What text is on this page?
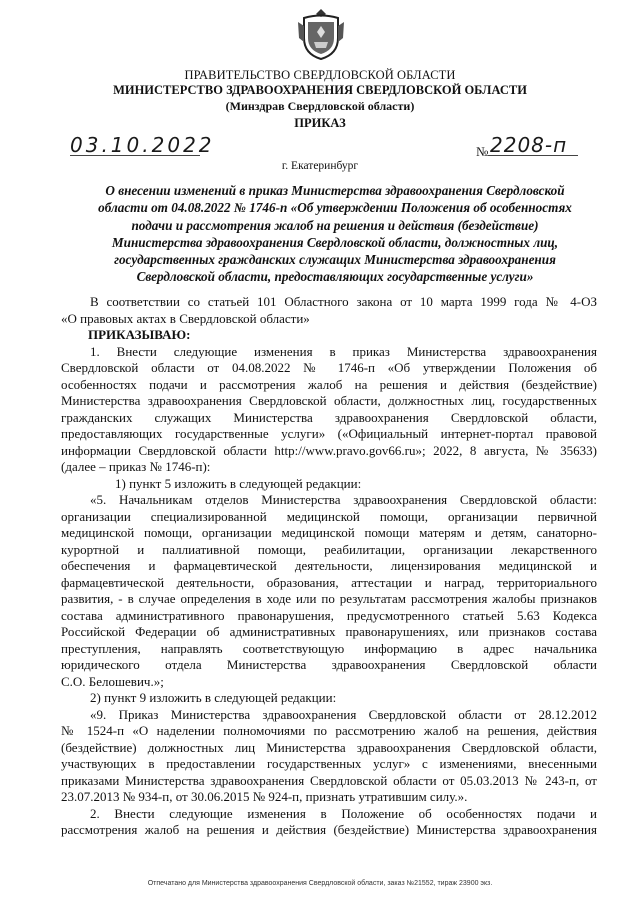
ПРАВИТЕЛЬСТВО СВЕРДЛОВСКОЙ ОБЛАСТИ
МИНИСТЕРСТВО ЗДРАВООХРАНЕНИЯ СВЕРДЛОВСКОЙ ОБЛАСТИ
(Минздрав Свердловской области)
ПРИКАЗ
03.10.2022	№ 2208-п
г. Екатеринбург
О внесении изменений в приказ Министерства здравоохранения Свердловской
области от 04.08.2022 № 1746-п «Об утверждении Положения об особенностях
подачи и рассмотрения жалоб на решения и действия (бездействие)
Министерства здравоохранения Свердловской области, должностных лиц,
государственных гражданских служащих Министерства здравоохранения
Свердловской области, предоставляющих государственные услуги»
В соответствии со статьей 101 Областного закона от 10 марта 1999 года № 4-ОЗ
«О правовых актах в Свердловской области»
ПРИКАЗЫВАЮ:
1. Внести следующие изменения в приказ Министерства здравоохранения
Свердловской области от 04.08.2022 № 1746-п «Об утверждении Положения об
особенностях подачи и рассмотрения жалоб на решения и действия (бездействие)
Министерства здравоохранения Свердловской области, должностных лиц, государственных
гражданских служащих Министерства здравоохранения Свердловской области,
предоставляющих государственные услуги» («Официальный интернет-портал правовой
информации Свердловской области http://www.pravo.gov66.ru»; 2022, 8 августа, № 35633)
(далее – приказ № 1746-п):
1) пункт 5 изложить в следующей редакции:
«5. Начальникам отделов Министерства здравоохранения Свердловской области:
организации специализированной медицинской помощи, организации первичной
медицинской помощи, организации медицинской помощи матерям и детям, санаторно-
курортной и паллиативной помощи, реабилитации, организации лекарственного
обеспечения и фармацевтической деятельности, лицензирования медицинской и
фармацевтической деятельности, образования, аттестации и наград, территориального
развития, - в случае определения в ходе или по результатам рассмотрения жалобы признаков
состава административного правонарушения, предусмотренного статьей 5.63 Кодекса
Российской Федерации об административных правонарушениях, или признаков состава
преступления, направлять соответствующую информацию в адрес начальника
юридического отдела Министерства здравоохранения Свердловской области
С.О. Белошевич.»;
2) пункт 9 изложить в следующей редакции:
«9. Приказ Министерства здравоохранения Свердловской области от 28.12.2012
№ 1524-п «О наделении полномочиями по рассмотрению жалоб на решения, действия
(бездействие) должностных лиц Министерства здравоохранения Свердловской области,
участвующих в предоставлении государственных услуг» с изменениями, внесенными
приказами Министерства здравоохранения Свердловской области от 05.03.2013 № 243-п, от
23.07.2013 № 934-п, от 30.06.2015 № 924-п, признать утратившим силу.».
2. Внести следующие изменения в Положение об особенностях подачи и
рассмотрения жалоб на решения и действия (бездействие) Министерства здравоохранения
Отпечатано для Министерства здравоохранения Свердловской области, заказ №21552, тираж 23900 экз.
